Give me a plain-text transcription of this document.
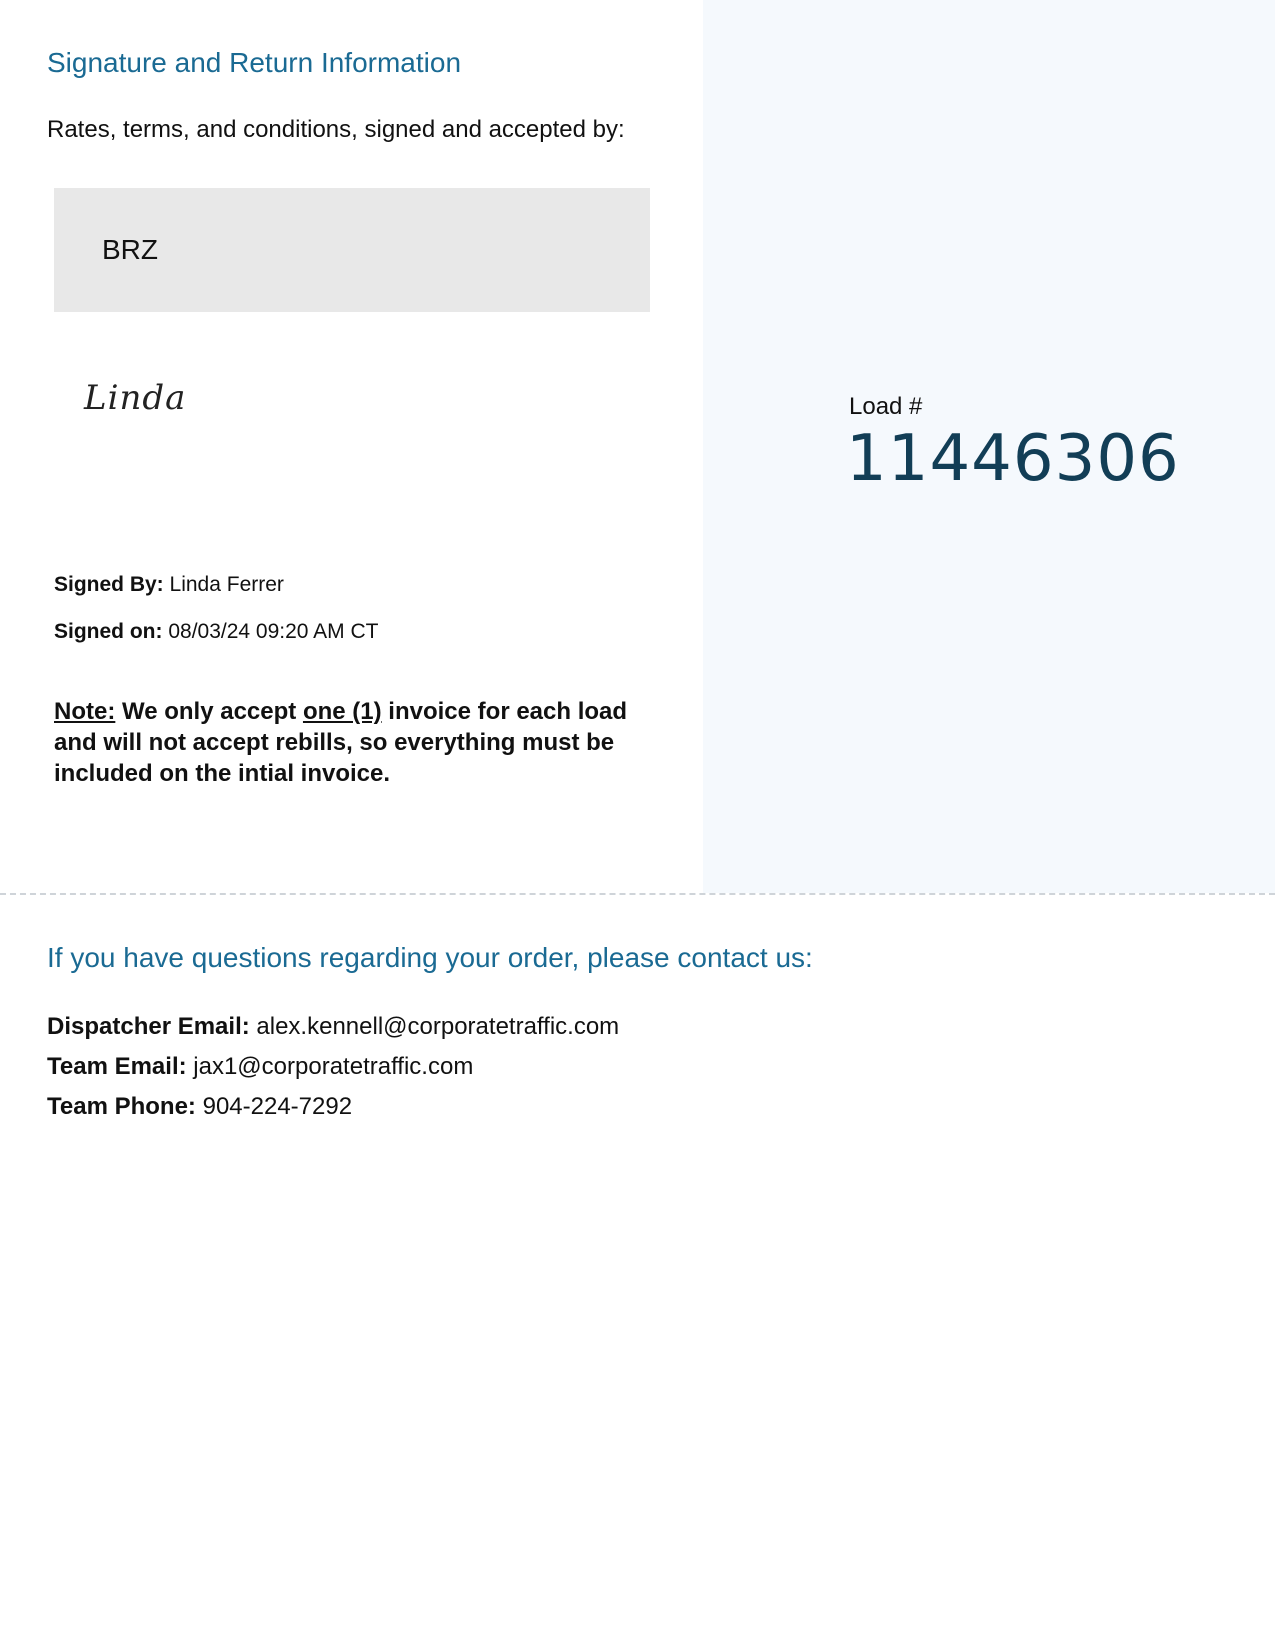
Signature and Return Information
Rates, terms, and conditions, signed and accepted by:
BRZ
Linda
Signed By: Linda Ferrer
Signed on: 08/03/24 09:20 AM CT
Note: We only accept one (1) invoice for each load and will not accept rebills, so everything must be included on the intial invoice.
Load #
11446306
If you have questions regarding your order, please contact us:
Dispatcher Email: alex.kennell@corporatetraffic.com
Team Email: jax1@corporatetraffic.com
Team Phone: 904-224-7292
